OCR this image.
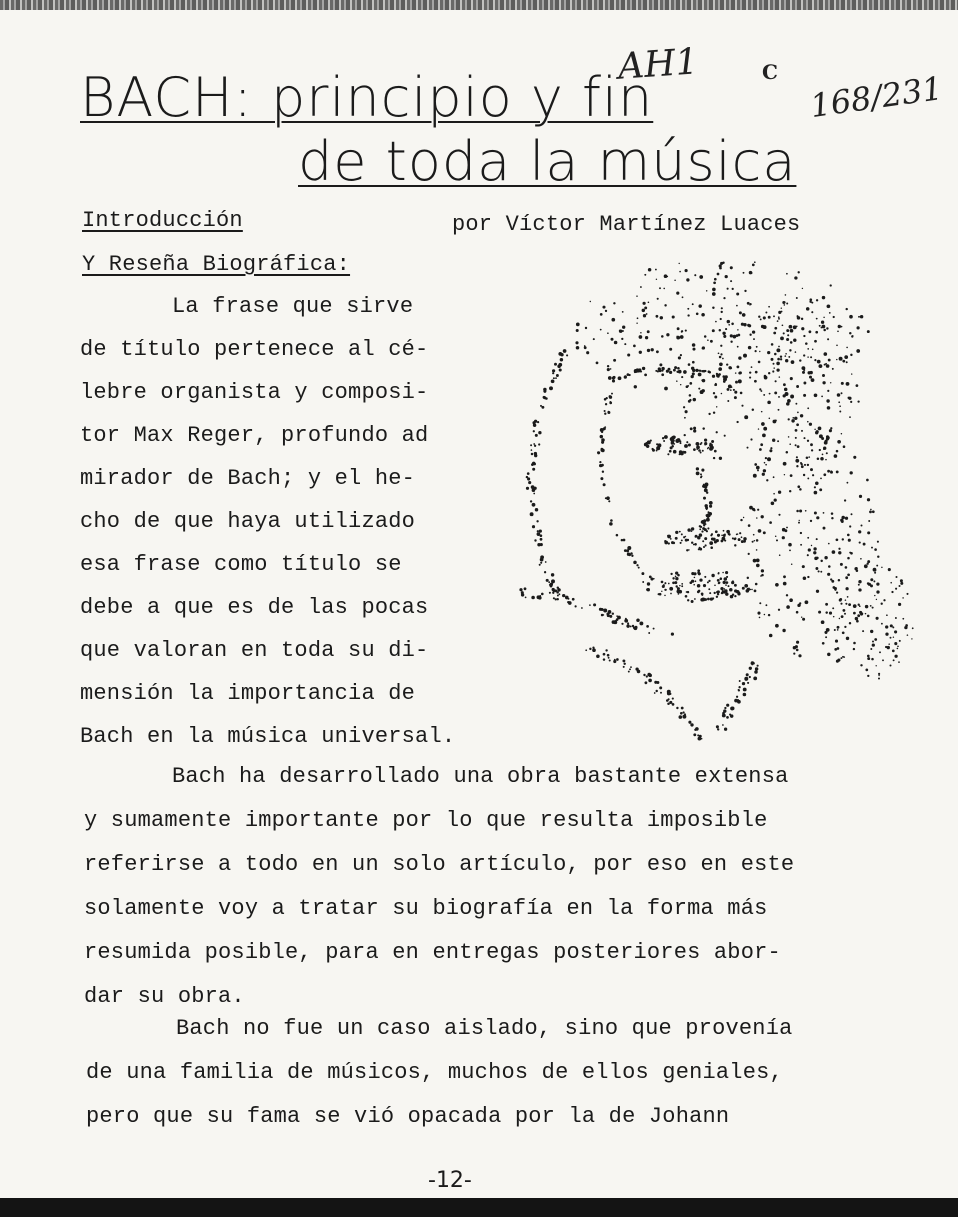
BACH: principio y fin
de toda la música
AH1	C 168/231
Introducción	por Víctor Martínez Luaces
Y Reseña Biográfica:
La frase que sirve
de título pertenece al cé-
lebre organista y composi-
tor Max Reger, profundo ad
mirador de Bach; y el he-
cho de que haya utilizado
esa frase como título se
debe a que es de las pocas
que valoran en toda su di-
mensión la importancia de
Bach en la música universal.
Bach ha desarrollado una obra bastante extensa
y sumamente importante por lo que resulta imposible
referirse a todo en un solo artículo, por eso en este
solamente voy a tratar su biografía en la forma más
resumida posible, para en entregas posteriores abor-
dar su obra.
Bach no fue un caso aislado, sino que provenía
de una familia de músicos, muchos de ellos geniales,
pero que su fama se vió opacada por la de Johann
-12-
